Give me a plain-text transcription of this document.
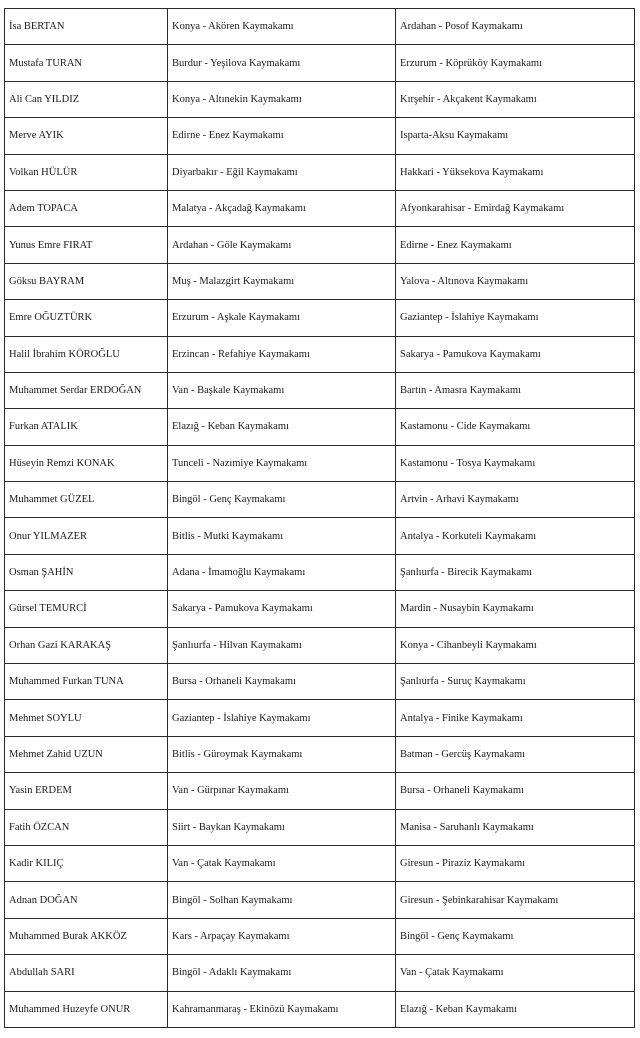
İsa BERTAN	Konya - Akören Kaymakamı	Ardahan - Posof Kaymakamı
Mustafa TURAN	Burdur - Yeşilova Kaymakamı	Erzurum - Köprüköy Kaymakamı
Ali Can YILDIZ	Konya - Altınekin Kaymakamı	Kırşehir - Akçakent Kaymakamı
Merve AYIK	Edirne - Enez Kaymakamı	Isparta-Aksu Kaymakamı
Volkan HÜLÜR	Diyarbakır - Eğil Kaymakamı	Hakkari - Yüksekova Kaymakamı
Adem TOPACA	Malatya - Akçadağ Kaymakamı	Afyonkarahisar - Emirdağ Kaymakamı
Yunus Emre FIRAT	Ardahan - Göle Kaymakamı	Edirne - Enez Kaymakamı
Göksu BAYRAM	Muş - Malazgirt Kaymakamı	Yalova - Altınova Kaymakamı
Emre OĞUZTÜRK	Erzurum - Aşkale Kaymakamı	Gaziantep - İslahiye Kaymakamı
Halil İbrahim KÖROĞLU	Erzincan - Refahiye Kaymakamı	Sakarya - Pamukova Kaymakamı
Muhammet Serdar ERDOĞAN	Van - Başkale Kaymakamı	Bartın - Amasra Kaymakamı
Furkan ATALIK	Elazığ - Keban Kaymakamı	Kastamonu - Cide Kaymakamı
Hüseyin Remzi KONAK	Tunceli - Nazımiye Kaymakamı	Kastamonu - Tosya Kaymakamı
Muhammet GÜZEL	Bingöl - Genç Kaymakamı	Artvin - Arhavi Kaymakamı
Onur YILMAZER	Bitlis - Mutki Kaymakamı	Antalya - Korkuteli Kaymakamı
Osman ŞAHİN	Adana - İmamoğlu Kaymakamı	Şanlıurfa - Birecik Kaymakamı
Gürsel TEMURCİ	Sakarya - Pamukova Kaymakamı	Mardin - Nusaybin Kaymakamı
Orhan Gazi KARAKAŞ	Şanlıurfa - Hilvan Kaymakamı	Konya - Cihanbeyli Kaymakamı
Muhammed Furkan TUNA	Bursa - Orhaneli Kaymakamı	Şanlıurfa - Suruç Kaymakamı
Mehmet SOYLU	Gaziantep - İslahiye Kaymakamı	Antalya - Finike Kaymakamı
Mehmet Zahid UZUN	Bitlis - Güroymak Kaymakamı	Batman - Gercüş Kaymakamı
Yasin ERDEM	Van - Gürpınar Kaymakamı	Bursa - Orhaneli Kaymakamı
Fatih ÖZCAN	Siirt - Baykan Kaymakamı	Manisa - Saruhanlı Kaymakamı
Kadir KILIÇ	Van - Çatak Kaymakamı	Giresun - Piraziz Kaymakamı
Adnan DOĞAN	Bingöl - Solhan Kaymakamı	Giresun - Şebinkarahisar Kaymakamı
Muhammed Burak AKKÖZ	Kars - Arpaçay Kaymakamı	Bingöl - Genç Kaymakamı
Abdullah SARI	Bingöl - Adaklı Kaymakamı	Van - Çatak Kaymakamı
Muhammed Huzeyfe ONUR	Kahramanmaraş - Ekinözü Kaymakamı	Elazığ - Keban Kaymakamı
